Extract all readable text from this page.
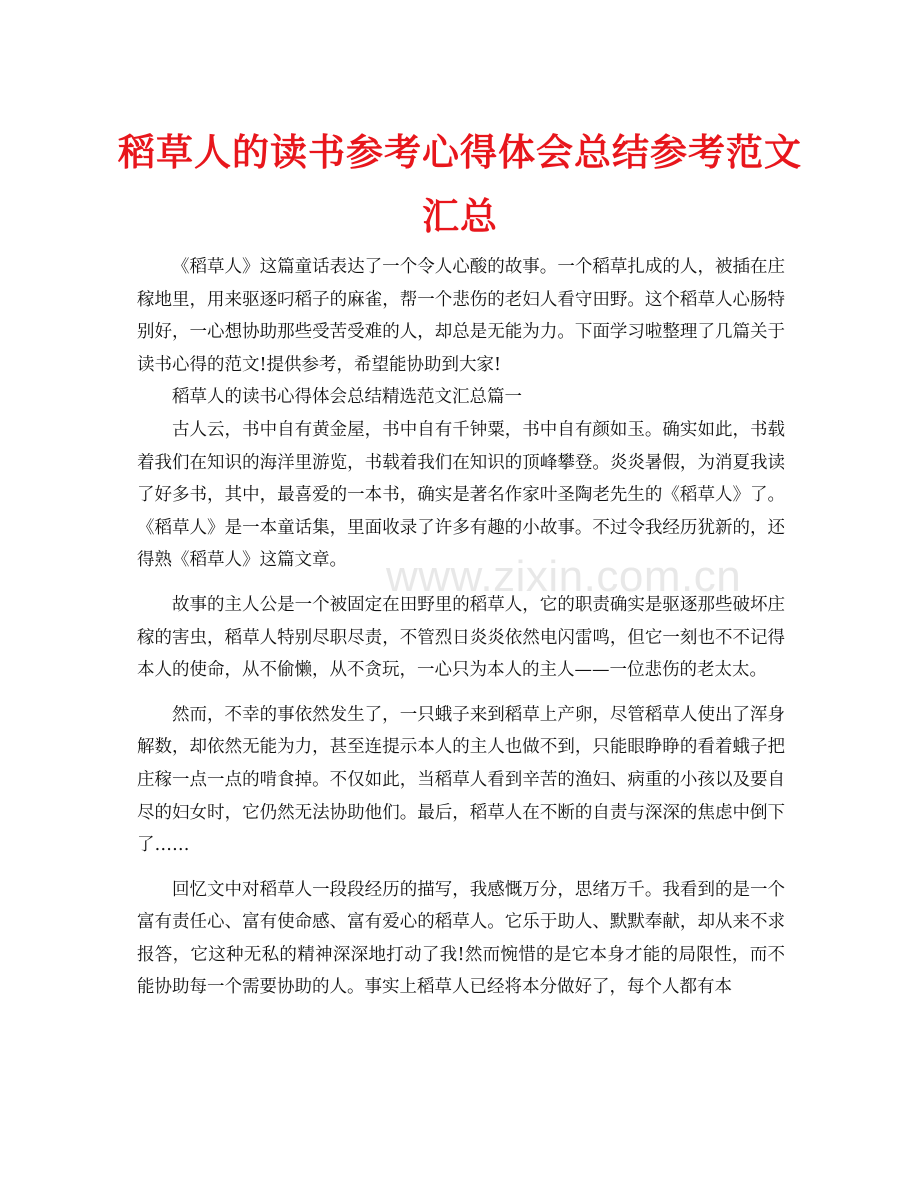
稻草人的读书参考心得体会总结参考范文
汇总

《稻草人》这篇童话表达了一个令人心酸的故事。一个稻草扎成的人，被插在庄稼地里，用来驱逐叼稻子的麻雀，帮一个悲伤的老妇人看守田野。这个稻草人心肠特别好，一心想协助那些受苦受难的人，却总是无能为力。下面学习啦整理了几篇关于读书心得的范文!提供参考，希望能协助到大家!

稻草人的读书心得体会总结精选范文汇总篇一

古人云，书中自有黄金屋，书中自有千钟粟，书中自有颜如玉。确实如此，书载着我们在知识的海洋里游览，书载着我们在知识的顶峰攀登。炎炎暑假，为消夏我读了好多书，其中，最喜爱的一本书，确实是著名作家叶圣陶老先生的《稻草人》了。《稻草人》是一本童话集，里面收录了许多有趣的小故事。不过令我经历犹新的，还得熟《稻草人》这篇文章。

故事的主人公是一个被固定在田野里的稻草人，它的职责确实是驱逐那些破坏庄稼的害虫，稻草人特别尽职尽责，不管烈日炎炎依然电闪雷鸣，但它一刻也不不记得本人的使命，从不偷懒，从不贪玩，一心只为本人的主人——一位悲伤的老太太。

然而，不幸的事依然发生了，一只蛾子来到稻草上产卵，尽管稻草人使出了浑身解数，却依然无能为力，甚至连提示本人的主人也做不到，只能眼睁睁的看着蛾子把庄稼一点一点的啃食掉。不仅如此，当稻草人看到辛苦的渔妇、病重的小孩以及要自尽的妇女时，它仍然无法协助他们。最后，稻草人在不断的自责与深深的焦虑中倒下了……

回忆文中对稻草人一段段经历的描写，我感慨万分，思绪万千。我看到的是一个富有责任心、富有使命感、富有爱心的稻草人。它乐于助人、默默奉献，却从来不求报答，它这种无私的精神深深地打动了我!然而惋惜的是它本身才能的局限性，而不能协助每一个需要协助的人。事实上稻草人已经将本分做好了，每个人都有本

www.zixin.com.cn
